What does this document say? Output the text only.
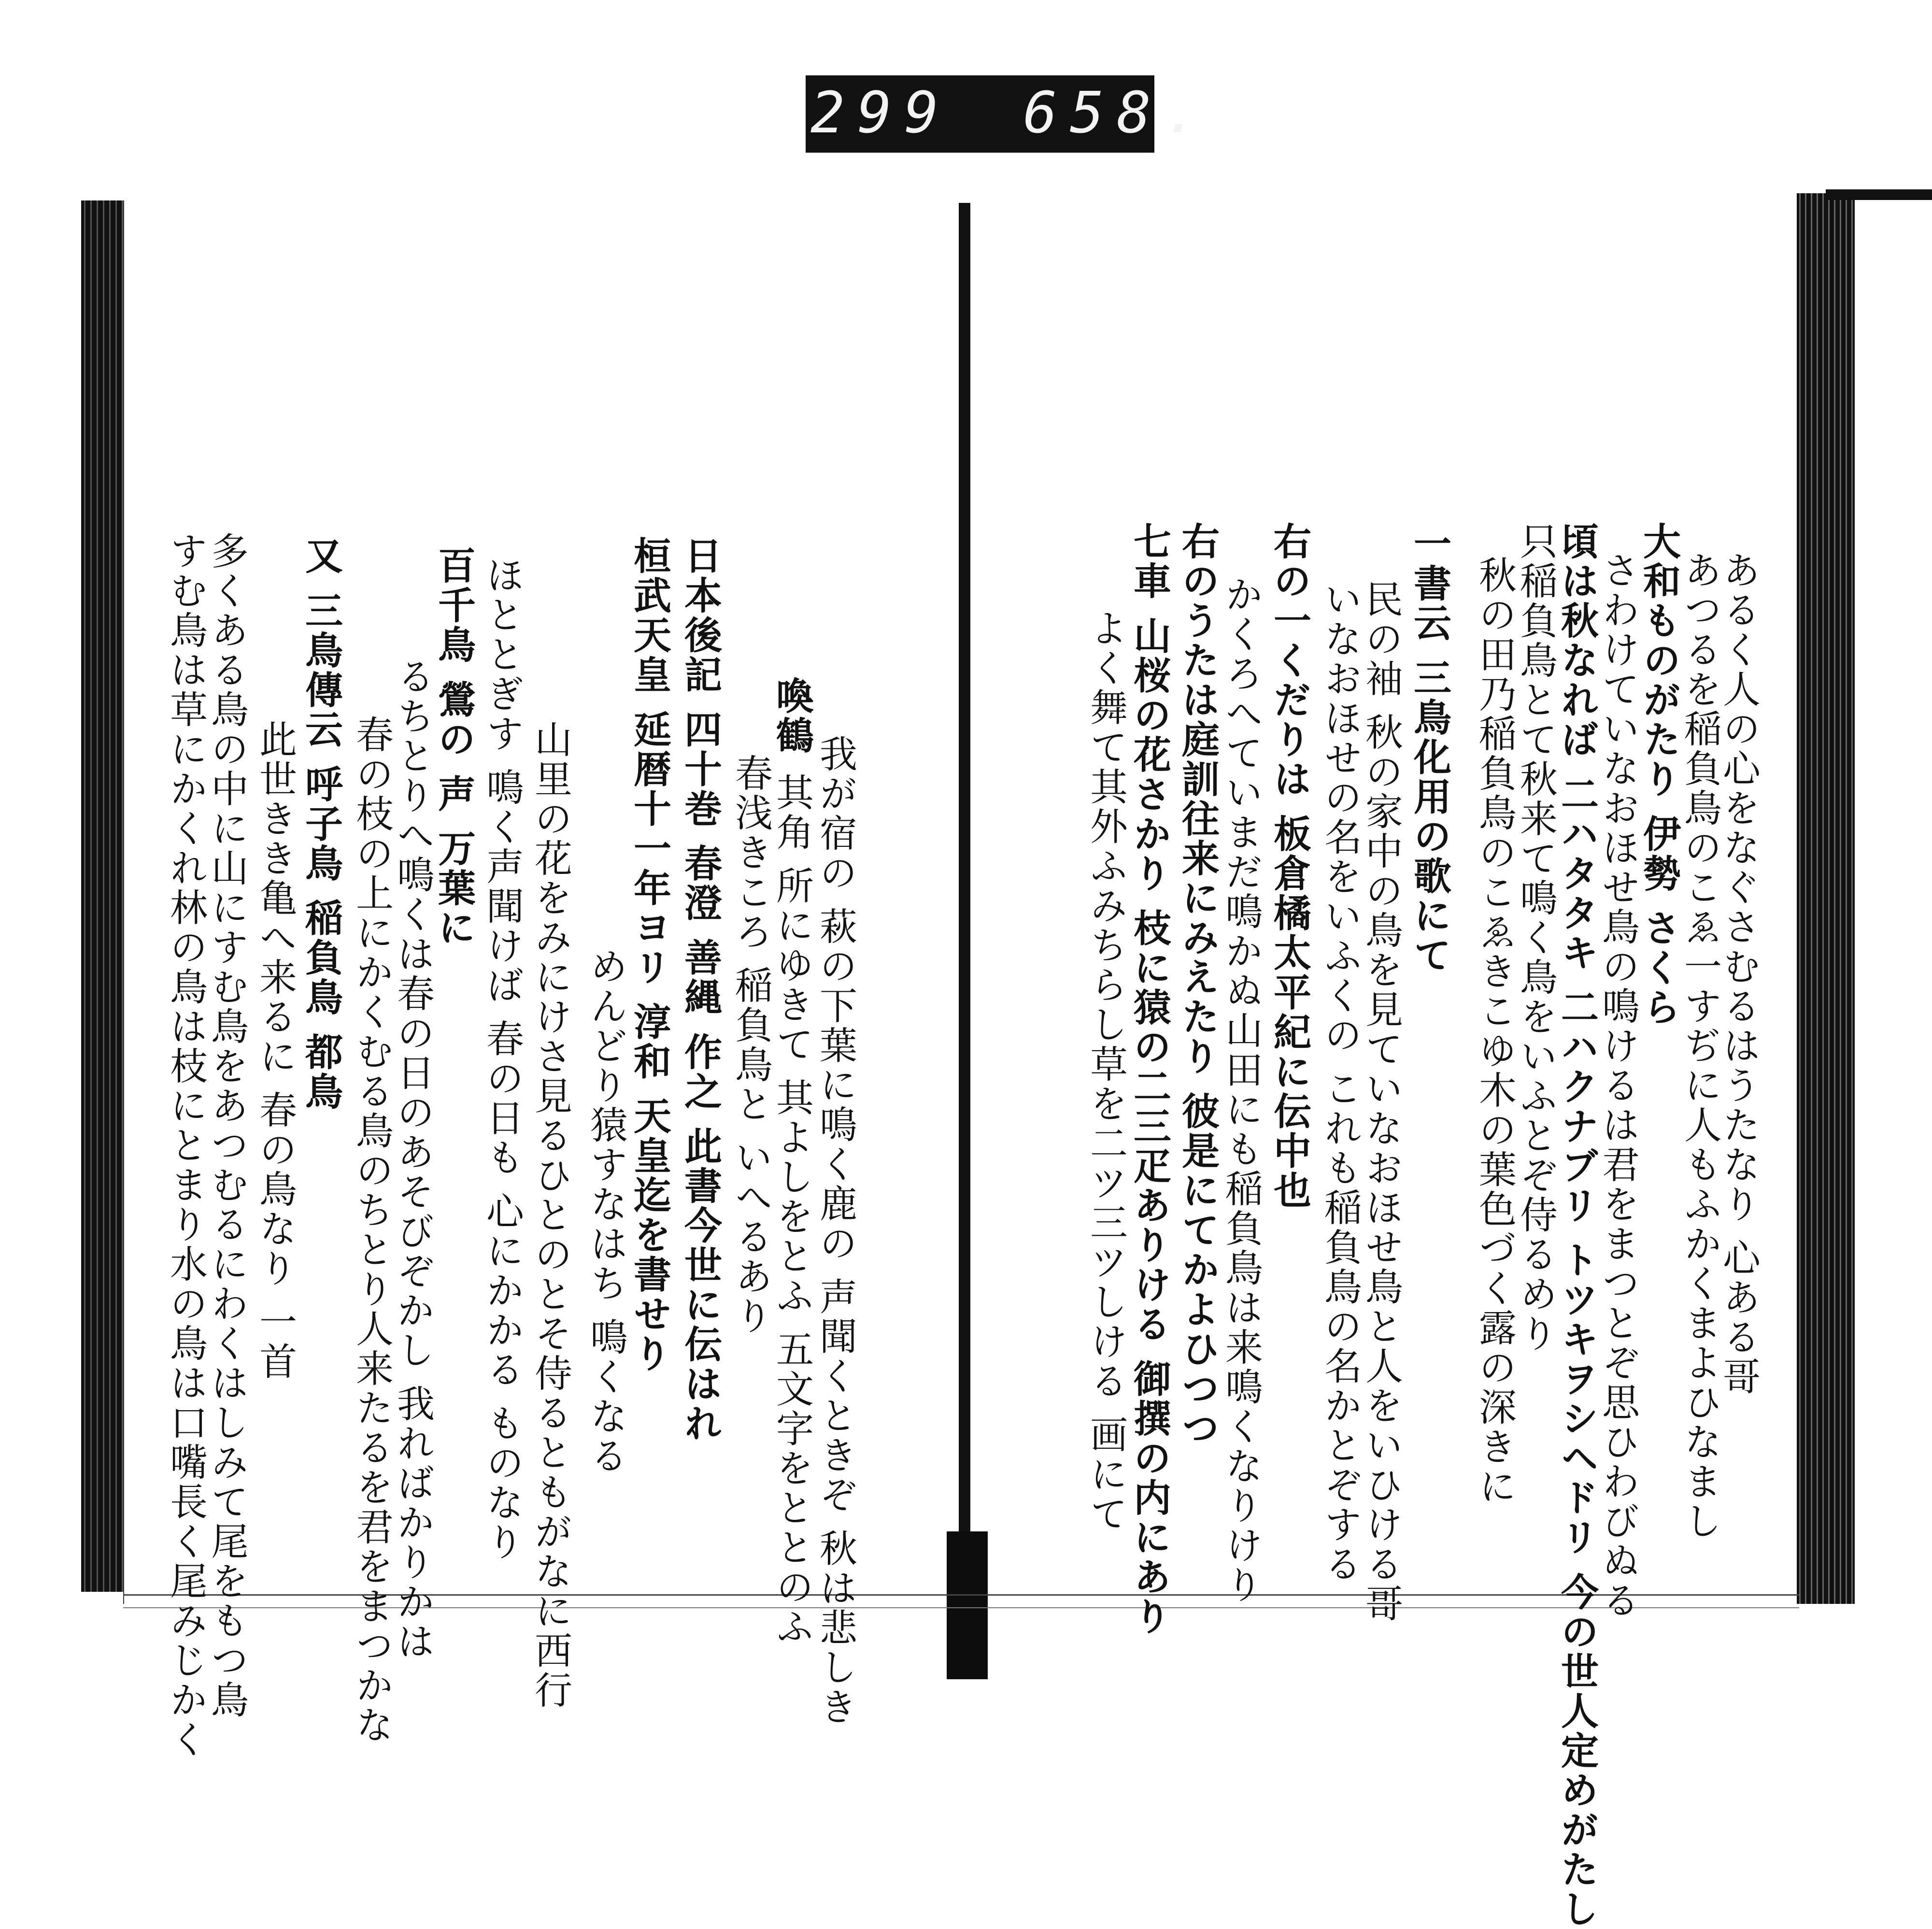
299 658.
あるく人の心をなぐさむるはうたなり 心ある哥
あつるを稲負鳥のこゑ一すぢに人もふかくまよひなまし
大和ものがたり 伊勢 さくら
さわけていなおほせ鳥の鳴けるは君をまつとぞ思ひわびぬる
頃は秋なれば 二ハタタキ 二ハクナブリ トツキヲシヘドリ 今の世人定めがたし
只稲負鳥とて秋来て鳴く鳥をいふとぞ侍るめり
秋の田乃稲負鳥のこゑきこゆ木の葉色づく露の深きに
一書云 三鳥化用の歌にて
民の袖 秋の家中の鳥を見ていなおほせ鳥と人をいひける哥
いなおほせの名をいふくの これも稲負鳥の名かとぞする
右の一くだりは 板倉橘太平紀に伝中也
かくろへていまだ鳴かぬ山田にも稲負鳥は来鳴くなりけり
右のうたは庭訓往来にみえたり 彼是にてかよひつつ
七車 山桜の花さかり 枝に猿の二三疋ありける 御撰の内にあり
よく舞て其外ふみちらし草を二ツ三ツしける 画にて
我が宿の 萩の下葉に鳴く鹿の 声聞くときぞ 秋は悲しき
喚鶴
其角 所にゆきて 其よしをとふ 五文字をととのふ
春浅きころ 稲負鳥と いへるあり
日本後記 四十巻 春澄 善縄 作之 此書今世に伝はれ
桓武天皇 延暦十一年ヨリ 淳和 天皇迄を書せり
めんどり猿すなはち 鳴くなる
山里の花をみにけさ見るひとのとそ侍るともがなに西行
ほととぎす 鳴く声聞けば 春の日も 心にかかる ものなり
百千鳥 鶯の 声 万葉に
るちとりへ鳴くは春の日のあそびぞかし 我ればかりかは
春の枝の上にかくむる鳥のちとり人来たるを君をまつかな
又 三鳥傳云 呼子鳥 稲負鳥 都鳥
此世きき亀へ来るに 春の鳥なり 一首
多くある鳥の中に山にすむ鳥をあつむるにわくはしみて尾をもつ鳥
すむ鳥は草にかくれ林の鳥は枝にとまり水の鳥は口嘴長く尾みじかく
